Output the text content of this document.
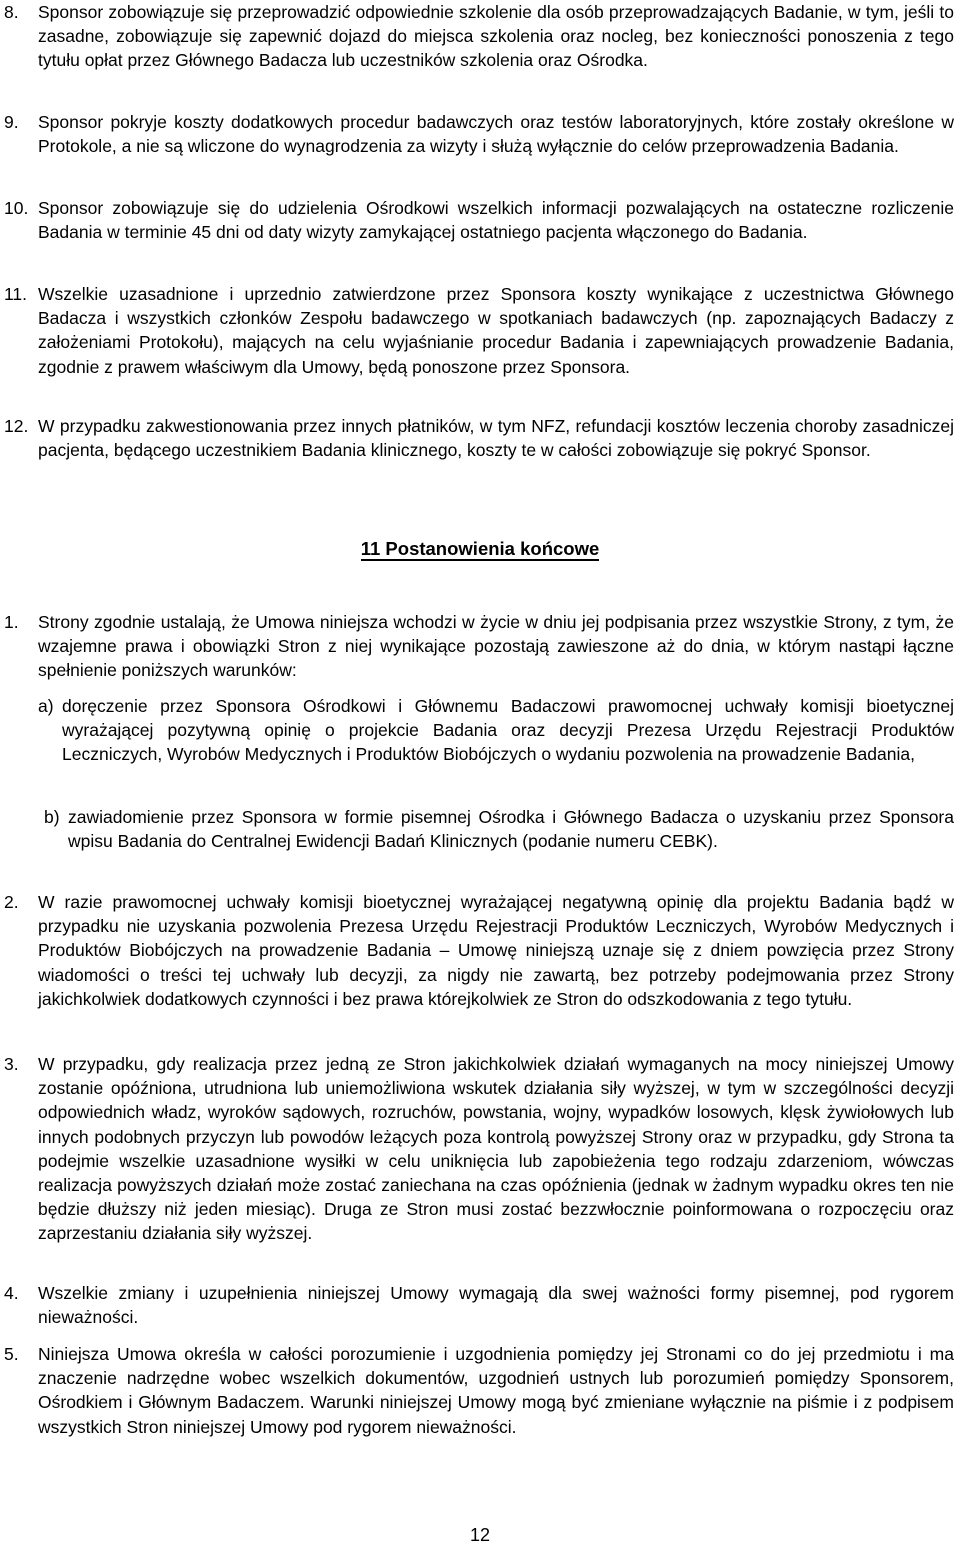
8. Sponsor zobowiązuje się przeprowadzić odpowiednie szkolenie dla osób przeprowadzających Badanie, w tym, jeśli to zasadne, zobowiązuje się zapewnić dojazd do miejsca szkolenia oraz nocleg, bez konieczności ponoszenia z tego tytułu opłat przez Głównego Badacza lub uczestników szkolenia oraz Ośrodka.
9. Sponsor pokryje koszty dodatkowych procedur badawczych oraz testów laboratoryjnych, które zostały określone w Protokole, a nie są wliczone do wynagrodzenia za wizyty i służą wyłącznie do celów przeprowadzenia Badania.
10. Sponsor zobowiązuje się do udzielenia Ośrodkowi wszelkich informacji pozwalających na ostateczne rozliczenie Badania w terminie 45 dni od daty wizyty zamykającej ostatniego pacjenta włączonego do Badania.
11. Wszelkie uzasadnione i uprzednio zatwierdzone przez Sponsora koszty wynikające z uczestnictwa Głównego Badacza i wszystkich członków Zespołu badawczego w spotkaniach badawczych (np. zapoznających Badaczy z założeniami Protokołu), mających na celu wyjaśnianie procedur Badania i zapewniających prowadzenie Badania, zgodnie z prawem właściwym dla Umowy, będą ponoszone przez Sponsora.
12. W przypadku zakwestionowania przez innych płatników, w tym NFZ, refundacji kosztów leczenia choroby zasadniczej pacjenta, będącego uczestnikiem Badania klinicznego, koszty te w całości zobowiązuje się pokryć Sponsor.
11 Postanowienia końcowe
1. Strony zgodnie ustalają, że Umowa niniejsza wchodzi w życie w dniu jej podpisania przez wszystkie Strony, z tym, że wzajemne prawa i obowiązki Stron z niej wynikające pozostają zawieszone aż do dnia, w którym nastąpi łączne spełnienie poniższych warunków:
a) doręczenie przez Sponsora Ośrodkowi i Głównemu Badaczowi prawomocnej uchwały komisji bioetycznej wyrażającej pozytywną opinię o projekcie Badania oraz decyzji Prezesa Urzędu Rejestracji Produktów Leczniczych, Wyrobów Medycznych i Produktów Biobójczych o wydaniu pozwolenia na prowadzenie Badania,
b) zawiadomienie przez Sponsora w formie pisemnej Ośrodka i Głównego Badacza o uzyskaniu przez Sponsora wpisu Badania do Centralnej Ewidencji Badań Klinicznych (podanie numeru CEBK).
2. W razie prawomocnej uchwały komisji bioetycznej wyrażającej negatywną opinię dla projektu Badania bądź w przypadku nie uzyskania pozwolenia Prezesa Urzędu Rejestracji Produktów Leczniczych, Wyrobów Medycznych i Produktów Biobójczych na prowadzenie Badania – Umowę niniejszą uznaje się z dniem powzięcia przez Strony wiadomości o treści tej uchwały lub decyzji, za nigdy nie zawartą, bez potrzeby podejmowania przez Strony jakichkolwiek dodatkowych czynności i bez prawa którejkolwiek ze Stron do odszkodowania z tego tytułu.
3. W przypadku, gdy realizacja przez jedną ze Stron jakichkolwiek działań wymaganych na mocy niniejszej Umowy zostanie opóźniona, utrudniona lub uniemożliwiona wskutek działania siły wyższej, w tym w szczególności decyzji odpowiednich władz, wyroków sądowych, rozruchów, powstania, wojny, wypadków losowych, klęsk żywiołowych lub innych podobnych przyczyn lub powodów leżących poza kontrolą powyższej Strony oraz w przypadku, gdy Strona ta podejmie wszelkie uzasadnione wysiłki w celu uniknięcia lub zapobieżenia tego rodzaju zdarzeniom, wówczas realizacja powyższych działań może zostać zaniechana na czas opóźnienia (jednak w żadnym wypadku okres ten nie będzie dłuższy niż jeden miesiąc). Druga ze Stron musi zostać bezzwłocznie poinformowana o rozpoczęciu oraz zaprzestaniu działania siły wyższej.
4. Wszelkie zmiany i uzupełnienia niniejszej Umowy wymagają dla swej ważności formy pisemnej, pod rygorem nieważności.
5. Niniejsza Umowa określa w całości porozumienie i uzgodnienia pomiędzy jej Stronami co do jej przedmiotu i ma znaczenie nadrzędne wobec wszelkich dokumentów, uzgodnień ustnych lub porozumień pomiędzy Sponsorem, Ośrodkiem i Głównym Badaczem. Warunki niniejszej Umowy mogą być zmieniane wyłącznie na piśmie i z podpisem wszystkich Stron niniejszej Umowy pod rygorem nieważności.
12
